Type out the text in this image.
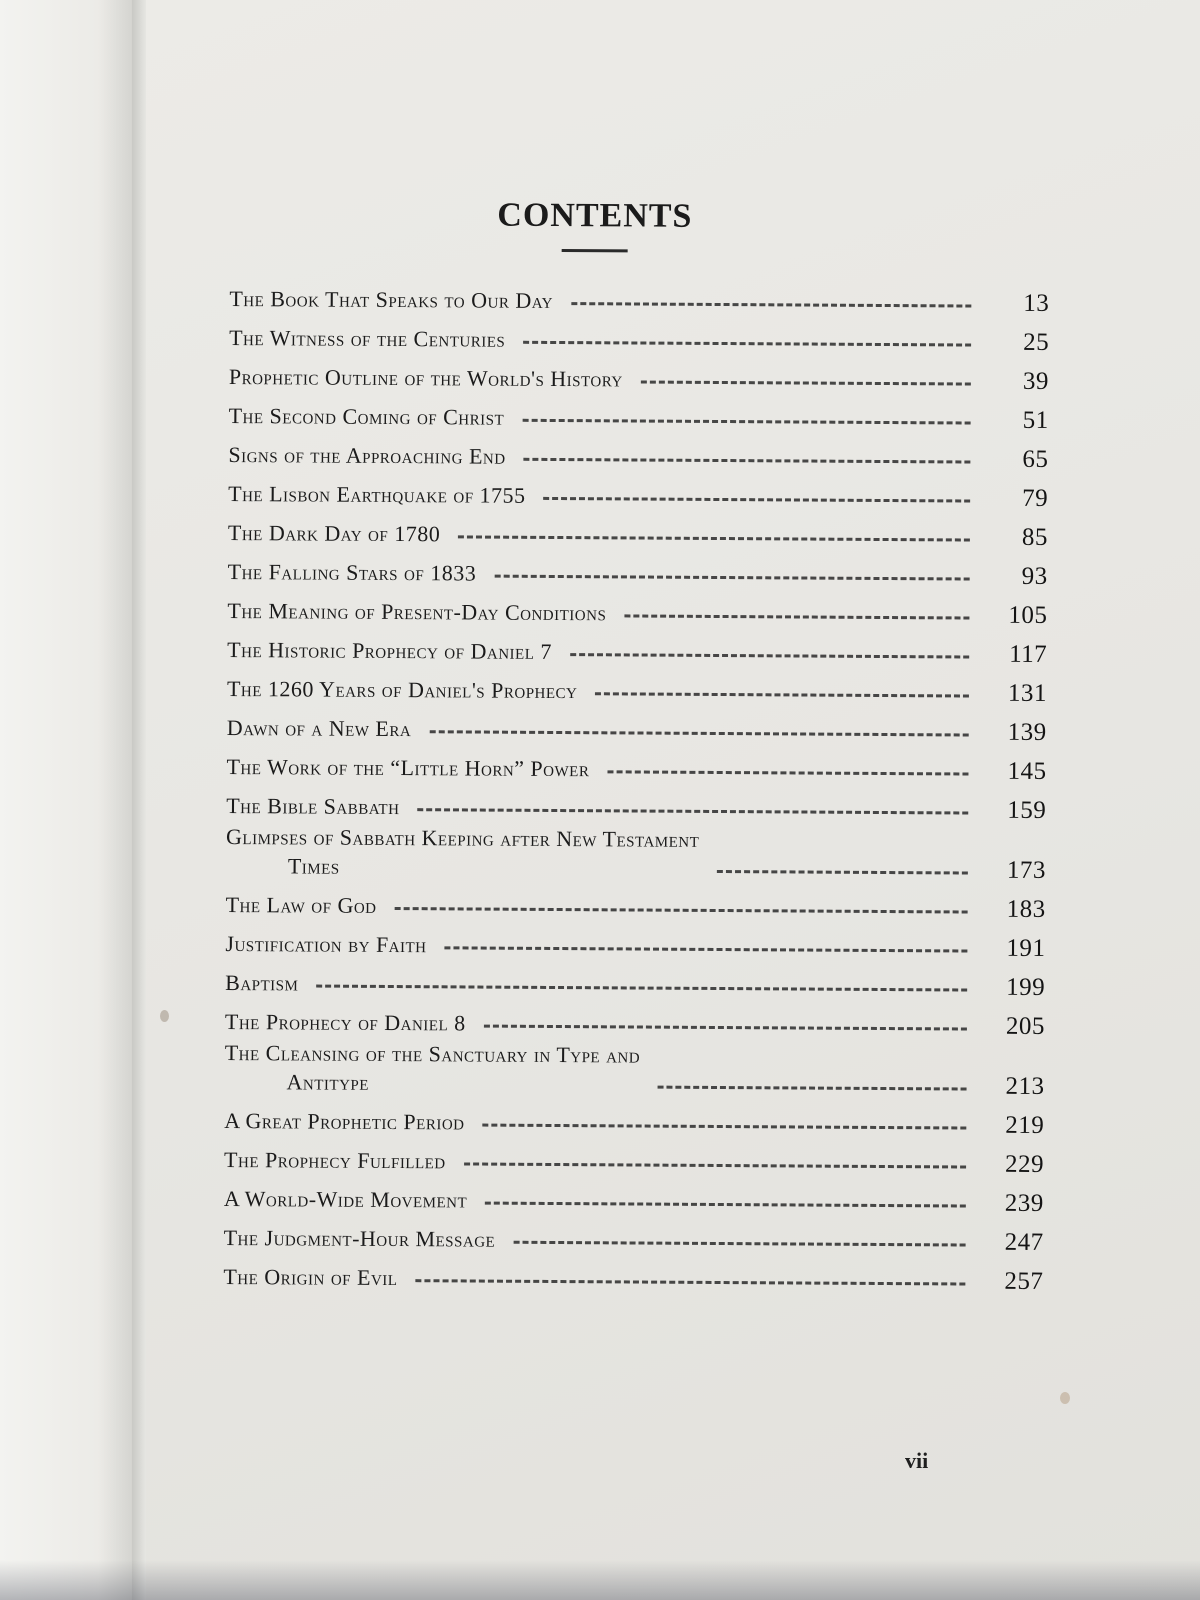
CONTENTS
The Book That Speaks to Our Day	13
The Witness of the Centuries	25
Prophetic Outline of the World's History	39
The Second Coming of Christ	51
Signs of the Approaching End	65
The Lisbon Earthquake of 1755	79
The Dark Day of 1780	85
The Falling Stars of 1833	93
The Meaning of Present-Day Conditions	105
The Historic Prophecy of Daniel 7	117
The 1260 Years of Daniel's Prophecy	131
Dawn of a New Era	139
The Work of the “Little Horn” Power	145
The Bible Sabbath	159
Glimpses of Sabbath Keeping after New Testament
Times	173
The Law of God	183
Justification by Faith	191
Baptism	199
The Prophecy of Daniel 8	205
The Cleansing of the Sanctuary in Type and
Antitype	213
A Great Prophetic Period	219
The Prophecy Fulfilled	229
A World-Wide Movement	239
The Judgment-Hour Message	247
The Origin of Evil	257
vii
